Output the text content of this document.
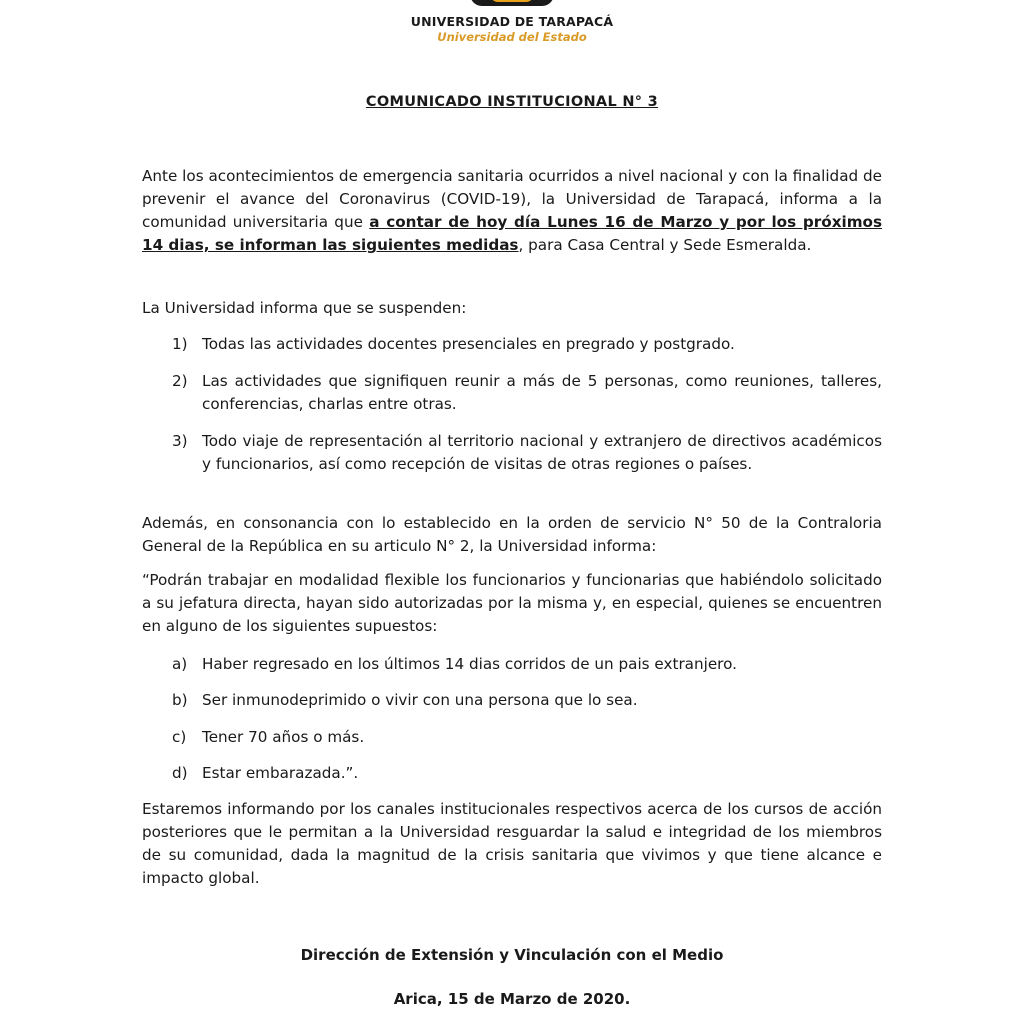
UNIVERSIDAD DE TARAPACÁ
Universidad del Estado
COMUNICADO INSTITUCIONAL N° 3
Ante los acontecimientos de emergencia sanitaria ocurridos a nivel nacional y con la finalidad de prevenir el avance del Coronavirus (COVID-19), la Universidad de Tarapacá, informa a la comunidad universitaria que a contar de hoy día Lunes 16 de Marzo y por los próximos 14 dias, se informan las siguientes medidas, para Casa Central y Sede Esmeralda.
La Universidad informa que se suspenden:
1) Todas las actividades docentes presenciales en pregrado y postgrado.
2) Las actividades que signifiquen reunir a más de 5 personas, como reuniones, talleres, conferencias, charlas entre otras.
3) Todo viaje de representación al territorio nacional y extranjero de directivos académicos y funcionarios, así como recepción de visitas de otras regiones o países.
Además, en consonancia con lo establecido en la orden de servicio N° 50 de la Contraloria General de la República en su articulo N° 2, la Universidad informa:
“Podrán trabajar en modalidad flexible los funcionarios y funcionarias que habiéndolo solicitado a su jefatura directa, hayan sido autorizadas por la misma y, en especial, quienes se encuentren en alguno de los siguientes supuestos:
a) Haber regresado en los últimos 14 dias corridos de un pais extranjero.
b) Ser inmunodeprimido o vivir con una persona que lo sea.
c)	Tener 70 años o más.
d) Estar embarazada.”.
Estaremos informando por los canales institucionales respectivos acerca de los cursos de acción posteriores que le permitan a la Universidad resguardar la salud e integridad de los miembros de su comunidad, dada la magnitud de la crisis sanitaria que vivimos y que tiene alcance e impacto global.
Dirección de Extensión y Vinculación con el Medio
Arica, 15 de Marzo de 2020.
